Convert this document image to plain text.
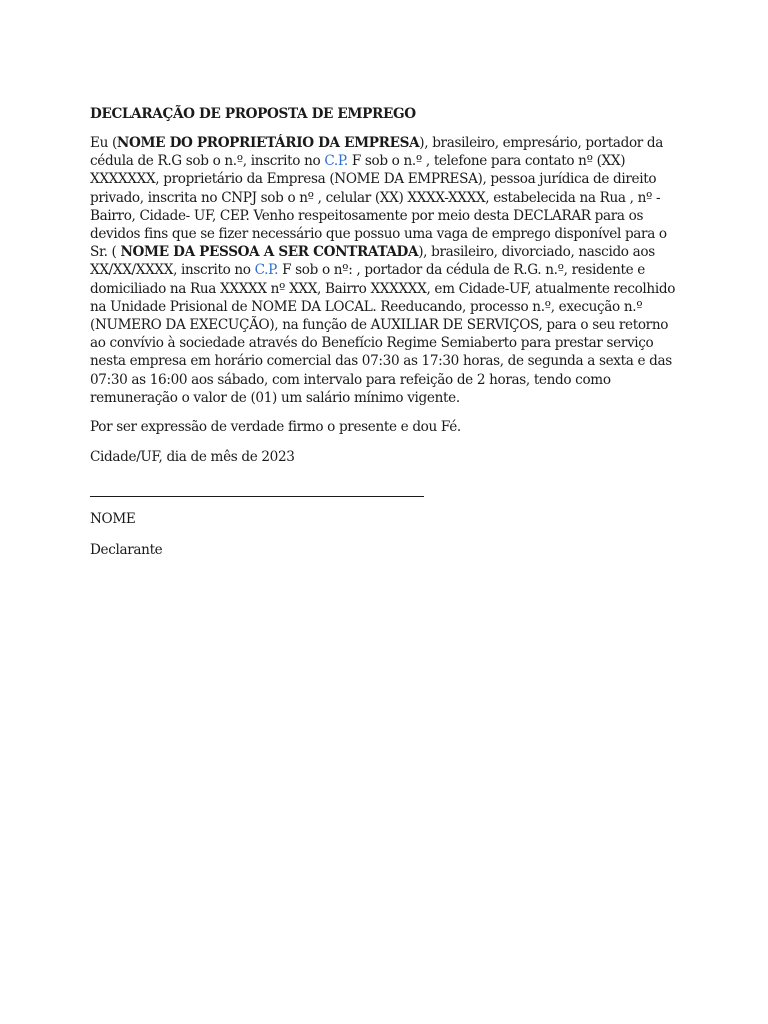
DECLARAÇÃO DE PROPOSTA DE EMPREGO
Eu (NOME DO PROPRIETÁRIO DA EMPRESA), brasileiro, empresário, portador da cédula de R.G sob o n.º, inscrito no C.P. F sob o n.º , telefone para contato nº (XX) XXXXXXX, proprietário da Empresa (NOME DA EMPRESA), pessoa jurídica de direito privado, inscrita no CNPJ sob o nº , celular (XX) XXXX-XXXX, estabelecida na Rua , nº - Bairro, Cidade- UF, CEP. Venho respeitosamente por meio desta DECLARAR para os devidos fins que se fizer necessário que possuo uma vaga de emprego disponível para o Sr. ( NOME DA PESSOA A SER CONTRATADA), brasileiro, divorciado, nascido aos XX/XX/XXXX, inscrito no C.P. F sob o nº: , portador da cédula de R.G. n.º, residente e domiciliado na Rua XXXXX nº XXX, Bairro XXXXXX, em Cidade-UF, atualmente recolhido na Unidade Prisional de NOME DA LOCAL. Reeducando, processo n.º, execução n.º (NUMERO DA EXECUÇÃO), na função de AUXILIAR DE SERVIÇOS, para o seu retorno ao convívio à sociedade através do Benefício Regime Semiaberto para prestar serviço nesta empresa em horário comercial das 07:30 as 17:30 horas, de segunda a sexta e das 07:30 as 16:00 aos sábado, com intervalo para refeição de 2 horas, tendo como remuneração o valor de (01) um salário mínimo vigente.
Por ser expressão de verdade firmo o presente e dou Fé.
Cidade/UF, dia de mês de 2023
NOME
Declarante
